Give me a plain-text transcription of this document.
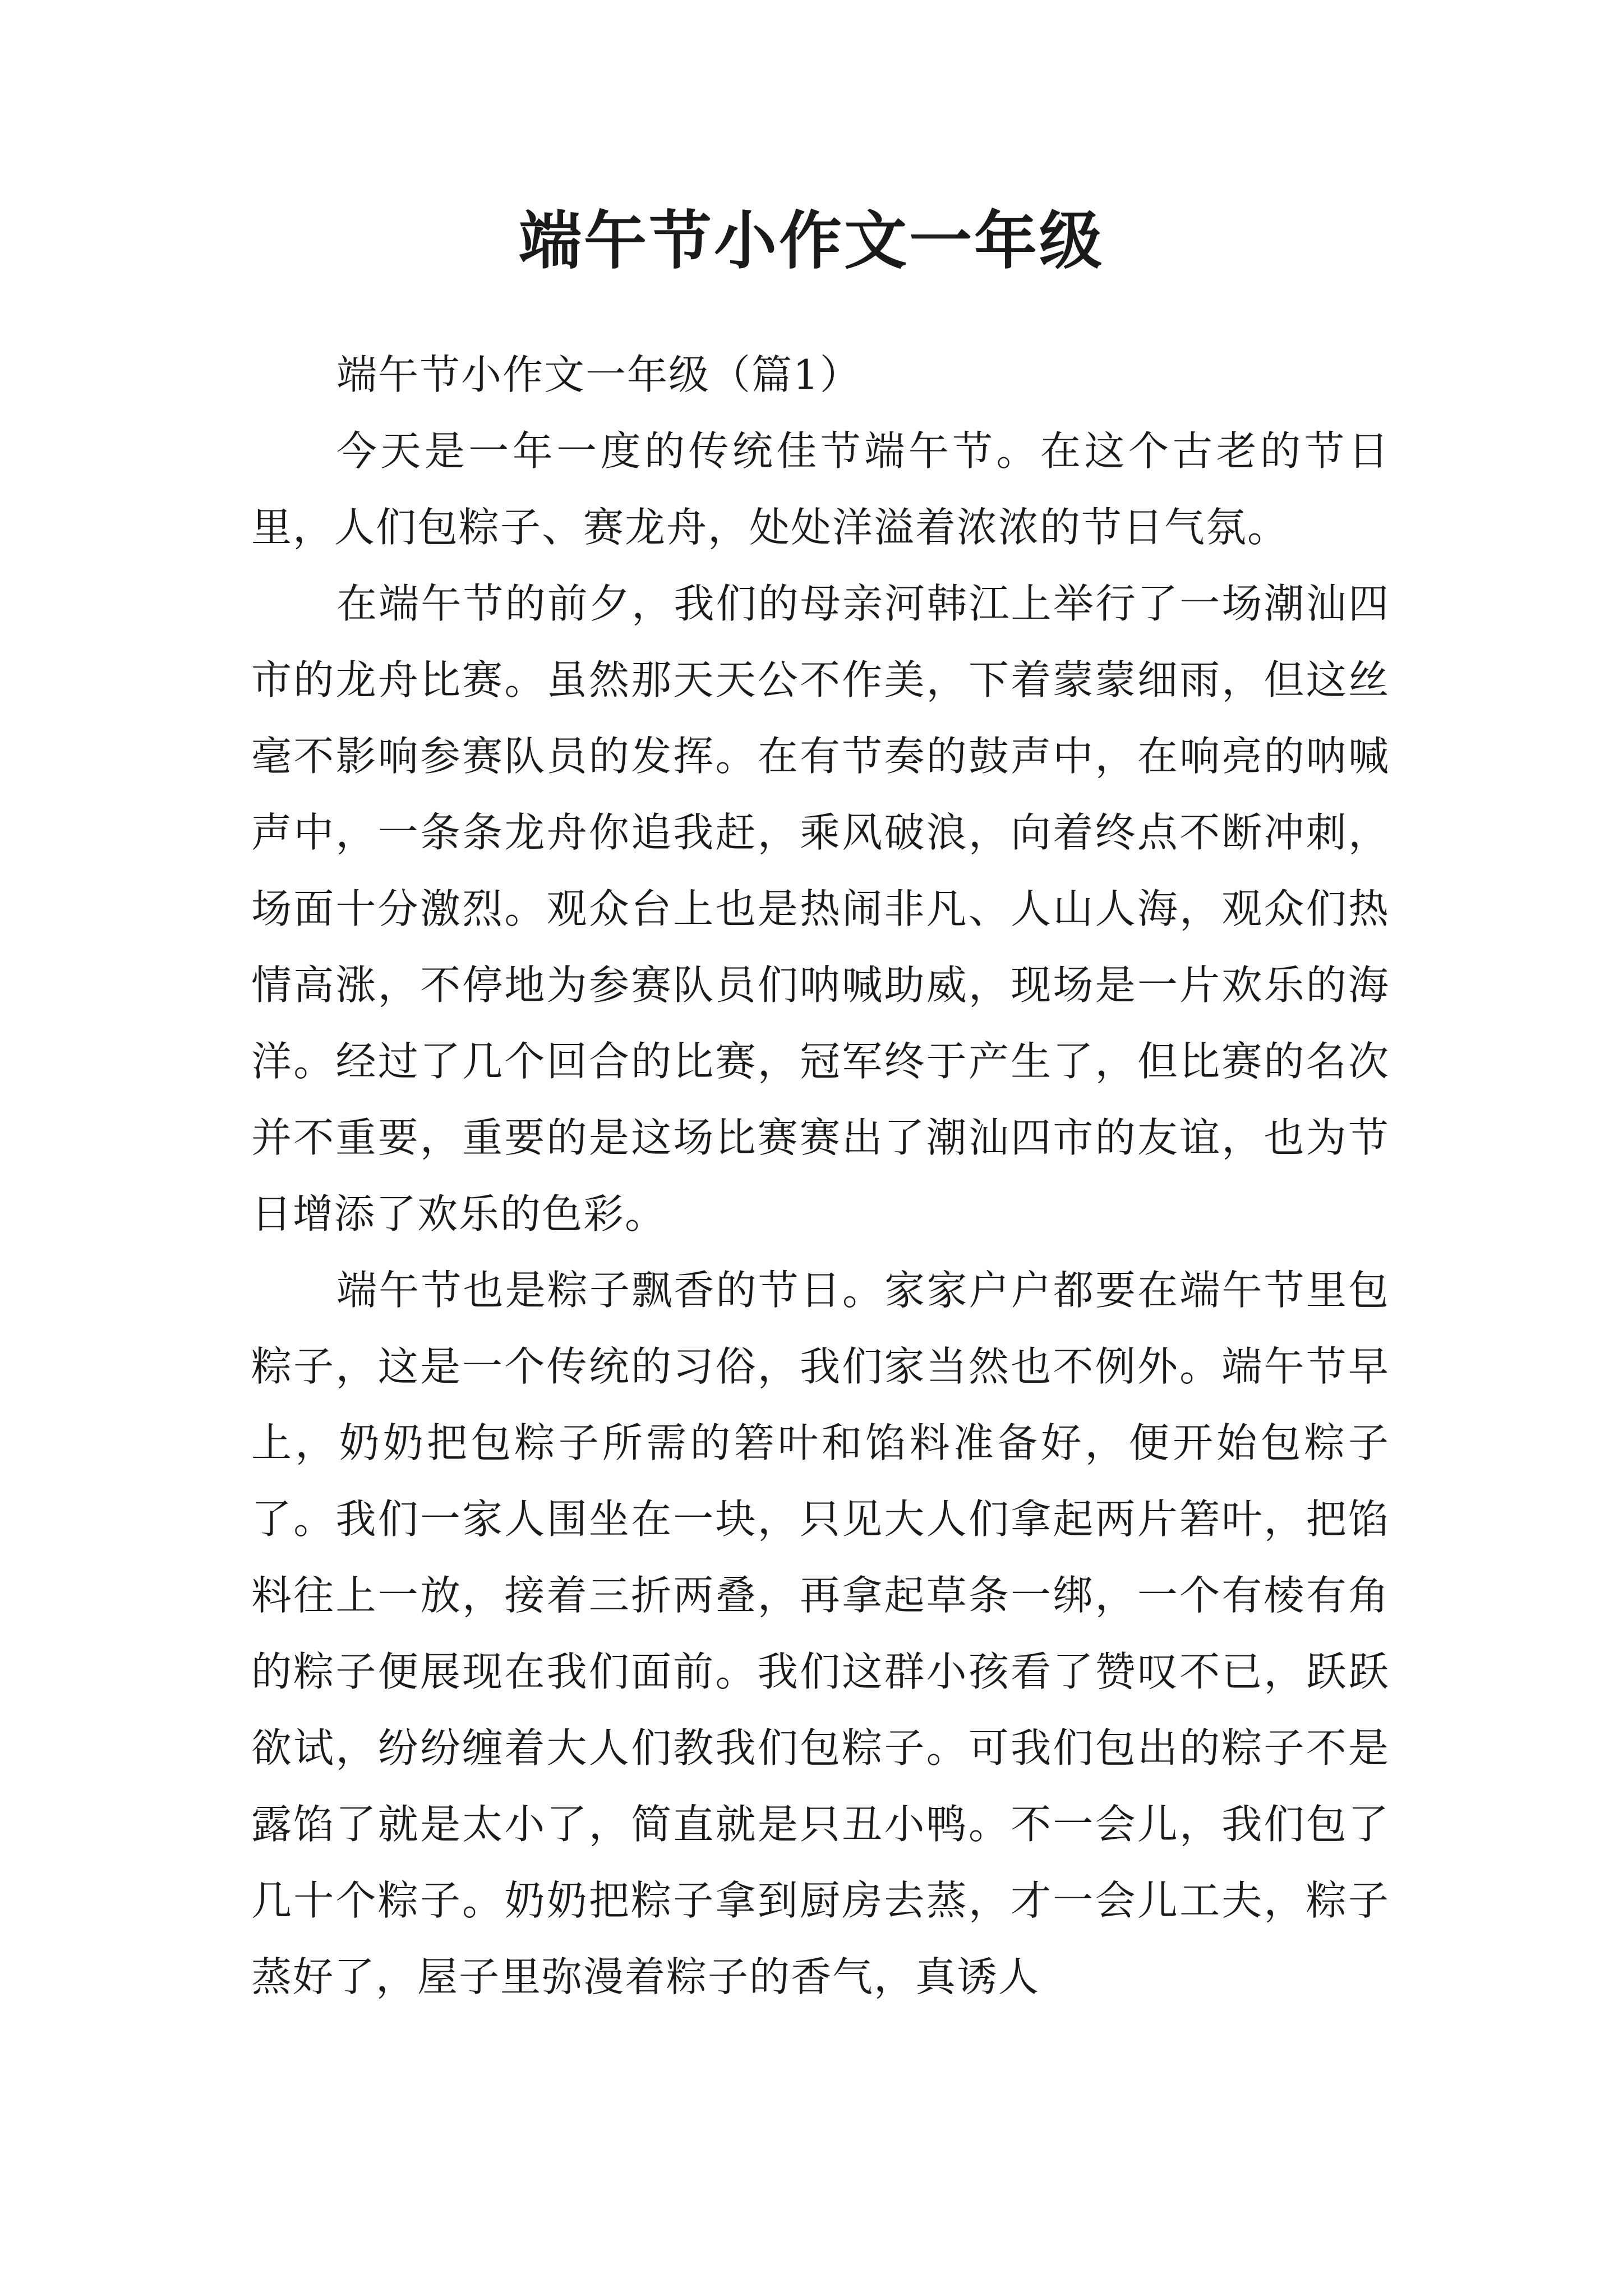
端午节小作文一年级

端午节小作文一年级（篇1）

今天是一年一度的传统佳节端午节。在这个古老的节日里，人们包粽子、赛龙舟，处处洋溢着浓浓的节日气氛。

在端午节的前夕，我们的母亲河韩江上举行了一场潮汕四市的龙舟比赛。虽然那天天公不作美，下着蒙蒙细雨，但这丝毫不影响参赛队员的发挥。在有节奏的鼓声中，在响亮的呐喊声中，一条条龙舟你追我赶，乘风破浪，向着终点不断冲刺，场面十分激烈。观众台上也是热闹非凡、人山人海，观众们热情高涨，不停地为参赛队员们呐喊助威，现场是一片欢乐的海洋。经过了几个回合的比赛，冠军终于产生了，但比赛的名次并不重要，重要的是这场比赛赛出了潮汕四市的友谊，也为节日增添了欢乐的色彩。

端午节也是粽子飘香的节日。家家户户都要在端午节里包粽子，这是一个传统的习俗，我们家当然也不例外。端午节早上，奶奶把包粽子所需的箬叶和馅料准备好，便开始包粽子了。我们一家人围坐在一块，只见大人们拿起两片箬叶，把馅料往上一放，接着三折两叠，再拿起草条一绑，一个有棱有角的粽子便展现在我们面前。我们这群小孩看了赞叹不已，跃跃欲试，纷纷缠着大人们教我们包粽子。可我们包出的粽子不是露馅了就是太小了，简直就是只丑小鸭。不一会儿，我们包了几十个粽子。奶奶把粽子拿到厨房去蒸，才一会儿工夫，粽子蒸好了，屋子里弥漫着粽子的香气，真诱人
